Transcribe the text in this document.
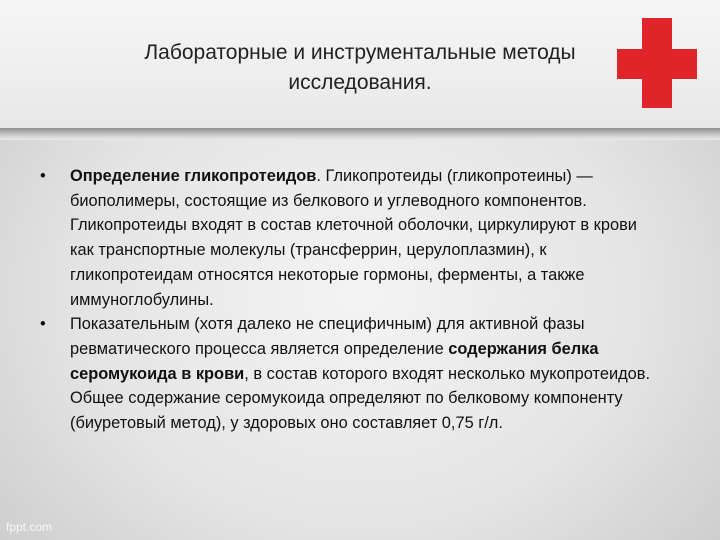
Лабораторные и инструментальные методы
исследования.

• Определение гликопротеидов. Гликопротеиды (гликопротеины) — биополимеры, состоящие из белкового и углеводного компонентов. Гликопротеиды входят в состав клеточной оболочки, циркулируют в крови как транспортные молекулы (трансферрин, церулоплазмин), к гликопротеидам относятся некоторые гормоны, ферменты, а также иммуноглобулины.

• Показательным (хотя далеко не специфичным) для активной фазы ревматического процесса является определение содержания белка серомукоида в крови, в состав которого входят несколько мукопротеидов. Общее содержание серомукоида определяют по белковому компоненту (биуретовый метод), у здоровых оно составляет 0,75 г/л.

fppt.com
